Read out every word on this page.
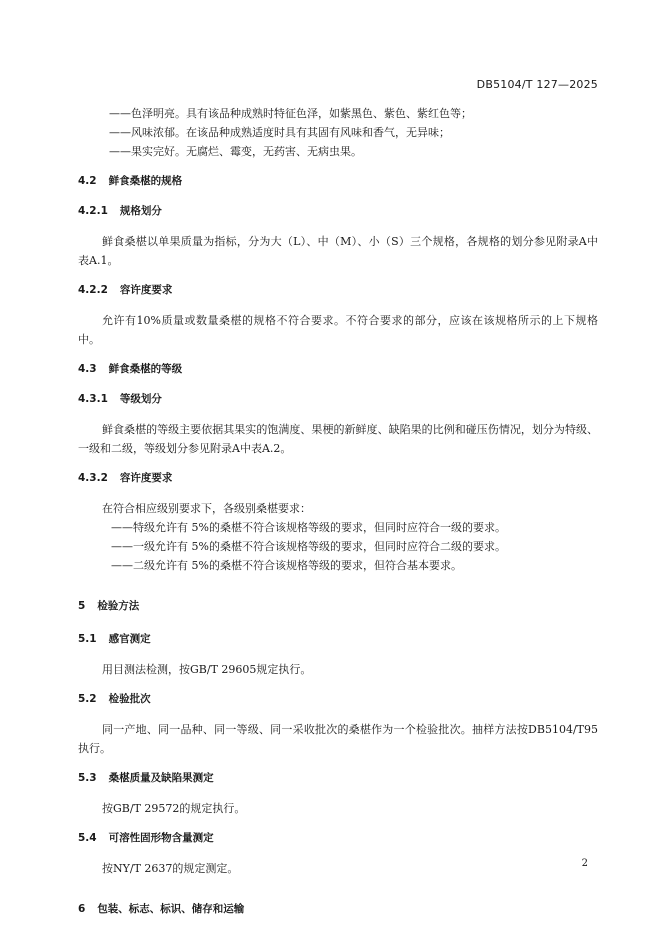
DB5104/T 127—2025
——色泽明亮。具有该品种成熟时特征色泽，如紫黑色、紫色、紫红色等；
——风味浓郁。在该品种成熟适度时具有其固有风味和香气，无异味；
——果实完好。无腐烂、霉变，无药害、无病虫果。
4.2 鲜食桑椹的规格
4.2.1 规格划分
鲜食桑椹以单果质量为指标，分为大（L）、中（M）、小（S）三个规格，各规格的划分参见附录A中表A.1。
4.2.2 容许度要求
允许有10%质量或数量桑椹的规格不符合要求。不符合要求的部分，应该在该规格所示的上下规格中。
4.3 鲜食桑椹的等级
4.3.1 等级划分
鲜食桑椹的等级主要依据其果实的饱满度、果梗的新鲜度、缺陷果的比例和碰压伤情况，划分为特级、一级和二级，等级划分参见附录A中表A.2。
4.3.2 容许度要求
在符合相应级别要求下，各级别桑椹要求：
——特级允许有 5%的桑椹不符合该规格等级的要求，但同时应符合一级的要求。
——一级允许有 5%的桑椹不符合该规格等级的要求，但同时应符合二级的要求。
——二级允许有 5%的桑椹不符合该规格等级的要求，但符合基本要求。
5 检验方法
5.1 感官测定
用目测法检测，按GB/T 29605规定执行。
5.2 检验批次
同一产地、同一品种、同一等级、同一采收批次的桑椹作为一个检验批次。抽样方法按DB5104/T95执行。
5.3 桑椹质量及缺陷果测定
按GB/T 29572的规定执行。
5.4 可溶性固形物含量测定
按NY/T 2637的规定测定。
6 包装、标志、标识、储存和运输
2
